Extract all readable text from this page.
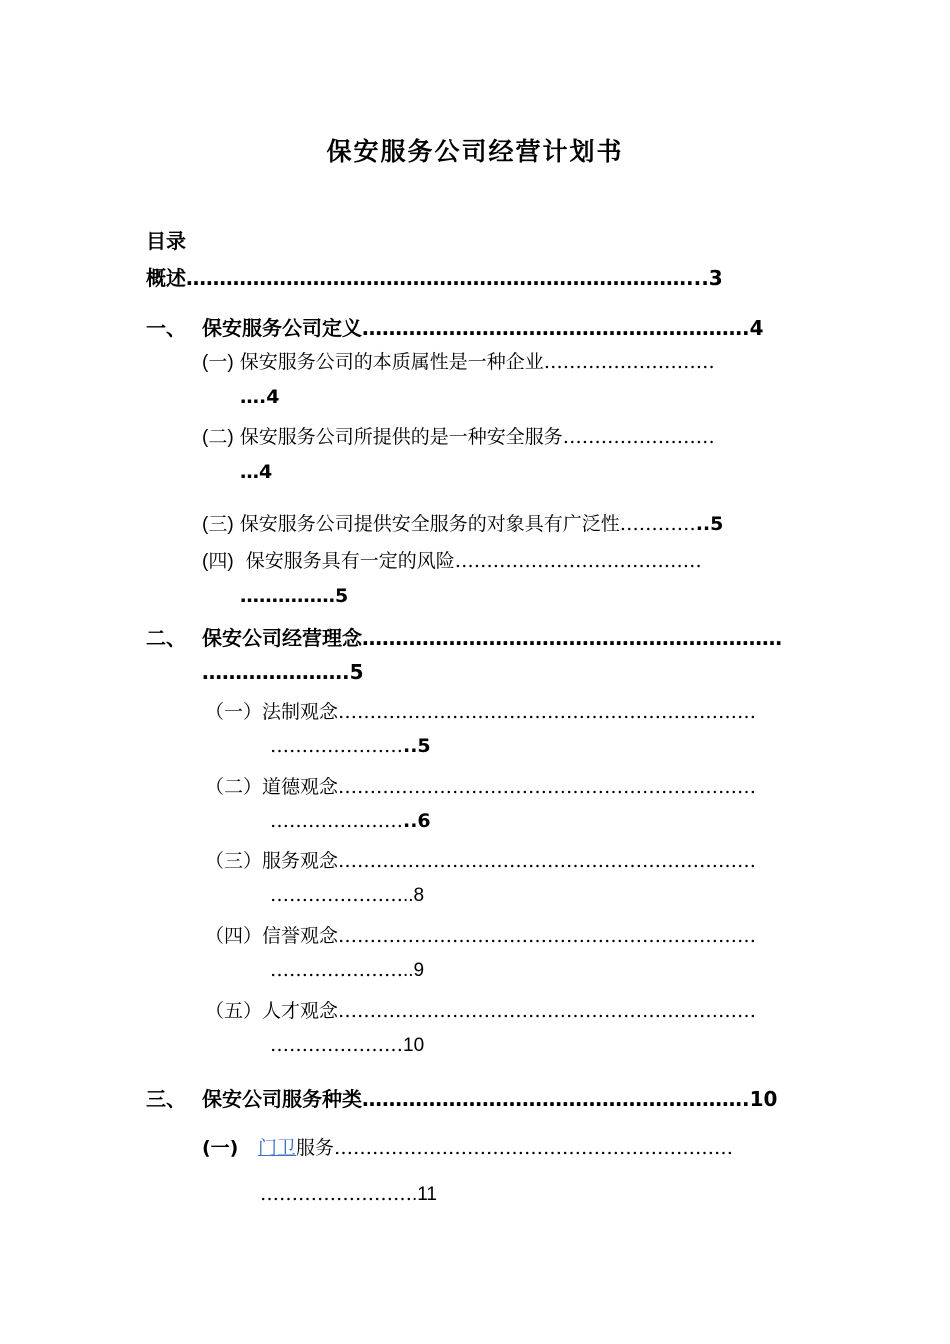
保安服务公司经营计划书
目录
概述…………………………………………………………………...3
一、 保安服务公司定义………………………………………………….4
(一) 保安服务公司的本质属性是一种企业………………………
….4
(二) 保安服务公司所提供的是一种安全服务……………………
…4
(三) 保安服务公司提供安全服务的对象具有广泛性…………..5
(四) 保安服务具有一定的风险…………………………………
……………5
二、 保安公司经营理念………………………………………………………
………………….5
（一）法制观念…………………………………………………………
…………………..5
（二）道德观念…………………………………………………………
…………………..6
（三）服务观念…………………………………………………………
…………………..8
（四）信誉观念…………………………………………………………
…………………..9
（五）人才观念…………………………………………………………
…………………10
三、 保安公司服务种类………………………………………………….10
(一) 门卫服务………………………………………………………
…………………….11
